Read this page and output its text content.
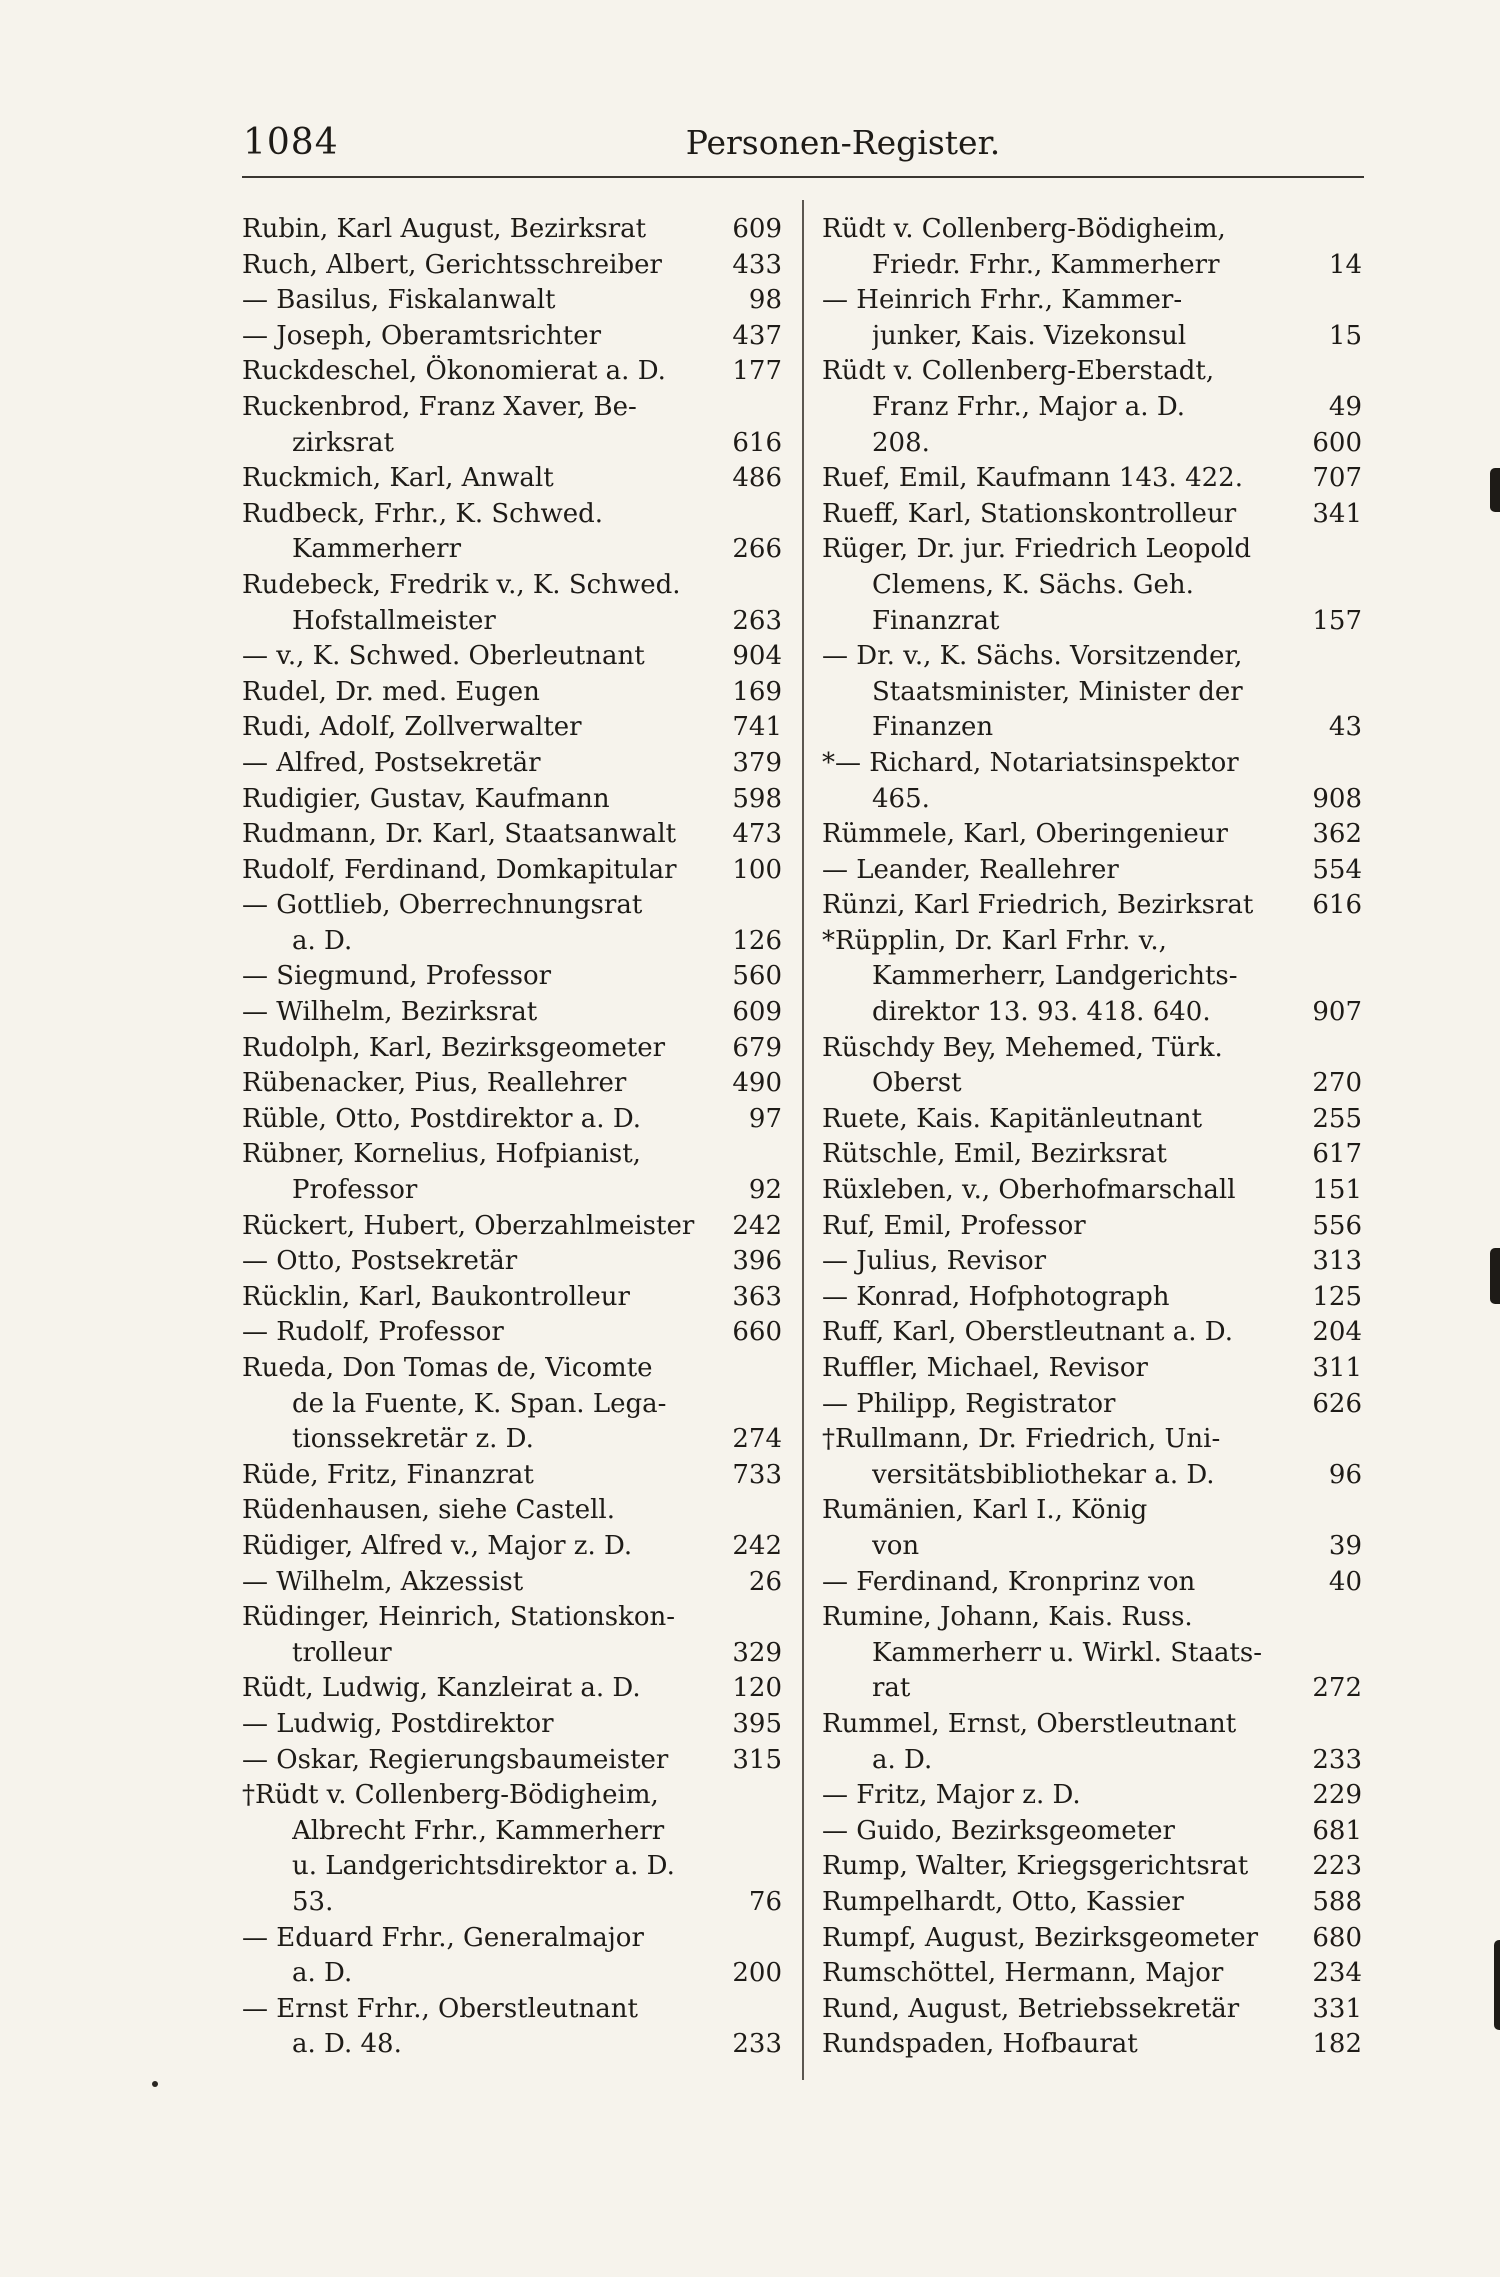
1084	Personen-Register.
Rubin, Karl August, Bezirksrat	609
Ruch, Albert, Gerichtsschreiber	433
— Basilus, Fiskalanwalt	98
— Joseph, Oberamtsrichter	437
Ruckdeschel, Ökonomierat a. D.	177
Ruckenbrod, Franz Xaver, Be-
zirksrat	616
Ruckmich, Karl, Anwalt	486
Rudbeck, Frhr., K. Schwed.
Kammerherr	266
Rudebeck, Fredrik v., K. Schwed.
Hofstallmeister	263
— v., K. Schwed. Oberleutnant	904
Rudel, Dr. med. Eugen	169
Rudi, Adolf, Zollverwalter	741
— Alfred, Postsekretär	379
Rudigier, Gustav, Kaufmann	598
Rudmann, Dr. Karl, Staatsanwalt	473
Rudolf, Ferdinand, Domkapitular	100
— Gottlieb, Oberrechnungsrat
a. D.	126
— Siegmund, Professor	560
— Wilhelm, Bezirksrat	609
Rudolph, Karl, Bezirksgeometer	679
Rübenacker, Pius, Reallehrer	490
Rüble, Otto, Postdirektor a. D.	97
Rübner, Kornelius, Hofpianist,
Professor	92
Rückert, Hubert, Oberzahlmeister	242
— Otto, Postsekretär	396
Rücklin, Karl, Baukontrolleur	363
— Rudolf, Professor	660
Rueda, Don Tomas de, Vicomte
de la Fuente, K. Span. Lega-
tionssekretär z. D.	274
Rüde, Fritz, Finanzrat	733
Rüdenhausen, siehe Castell.
Rüdiger, Alfred v., Major z. D.	242
— Wilhelm, Akzessist	26
Rüdinger, Heinrich, Stationskon-
trolleur	329
Rüdt, Ludwig, Kanzleirat a. D.	120
— Ludwig, Postdirektor	395
— Oskar, Regierungsbaumeister	315
†Rüdt v. Collenberg-Bödigheim,
Albrecht Frhr., Kammerherr
u. Landgerichtsdirektor a. D.
53.	76
— Eduard Frhr., Generalmajor
a. D.	200
— Ernst Frhr., Oberstleutnant
a. D. 48.	233
Rüdt v. Collenberg-Bödigheim,
Friedr. Frhr., Kammerherr	14
— Heinrich Frhr., Kammer-
junker, Kais. Vizekonsul	15
Rüdt v. Collenberg-Eberstadt,
Franz Frhr., Major a. D.	49
208.	600
Ruef, Emil, Kaufmann 143. 422.	707
Rueff, Karl, Stationskontrolleur	341
Rüger, Dr. jur. Friedrich Leopold
Clemens, K. Sächs. Geh.
Finanzrat	157
— Dr. v., K. Sächs. Vorsitzender,
Staatsminister, Minister der
Finanzen	43
*— Richard, Notariatsinspektor
465.	908
Rümmele, Karl, Oberingenieur	362
— Leander, Reallehrer	554
Rünzi, Karl Friedrich, Bezirksrat	616
*Rüpplin, Dr. Karl Frhr. v.,
Kammerherr, Landgerichts-
direktor 13. 93. 418. 640.	907
Rüschdy Bey, Mehemed, Türk.
Oberst	270
Ruete, Kais. Kapitänleutnant	255
Rütschle, Emil, Bezirksrat	617
Rüxleben, v., Oberhofmarschall	151
Ruf, Emil, Professor	556
— Julius, Revisor	313
— Konrad, Hofphotograph	125
Ruff, Karl, Oberstleutnant a. D.	204
Ruffler, Michael, Revisor	311
— Philipp, Registrator	626
†Rullmann, Dr. Friedrich, Uni-
versitätsbibliothekar a. D.	96
Rumänien, Karl I., König
von	39
— Ferdinand, Kronprinz von	40
Rumine, Johann, Kais. Russ.
Kammerherr u. Wirkl. Staats-
rat	272
Rummel, Ernst, Oberstleutnant
a. D.	233
— Fritz, Major z. D.	229
— Guido, Bezirksgeometer	681
Rump, Walter, Kriegsgerichtsrat	223
Rumpelhardt, Otto, Kassier	588
Rumpf, August, Bezirksgeometer	680
Rumschöttel, Hermann, Major	234
Rund, August, Betriebssekretär	331
Rundspaden, Hofbaurat	182
